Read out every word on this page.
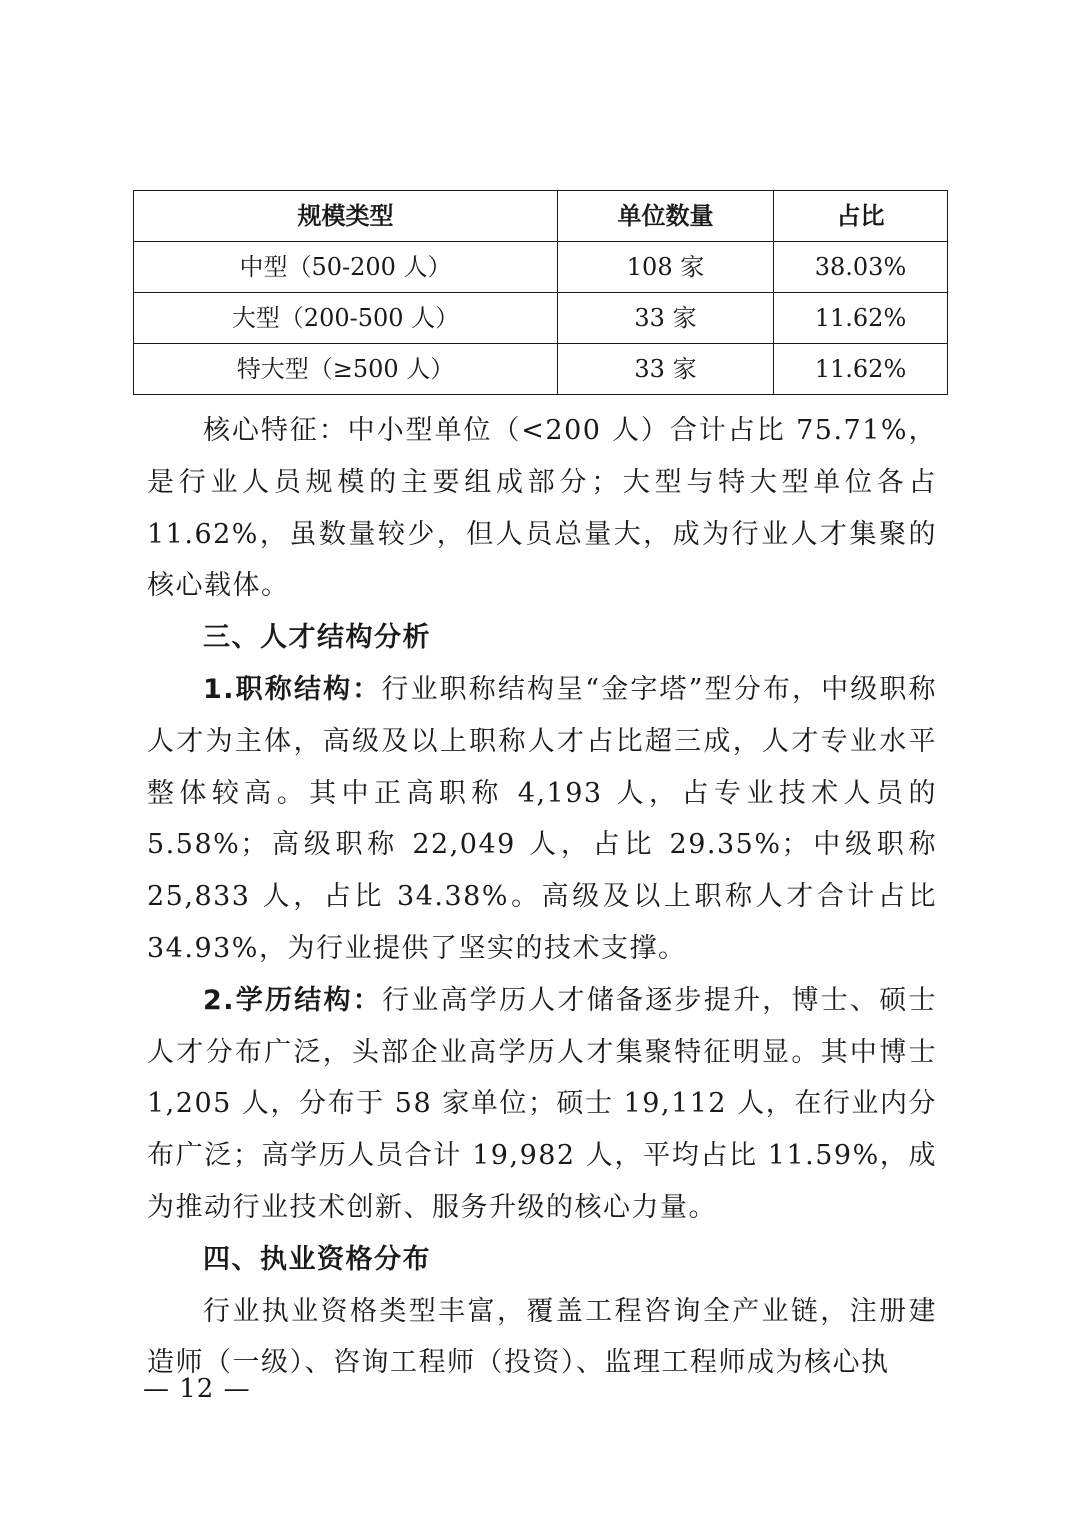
规模类型	单位数量	占比
中型（50-200 人）	108 家	38.03%
大型（200-500 人）	33 家	11.62%
特大型（≥500 人）	33 家	11.62%

核心特征：中小型单位（<200 人）合计占比 75.71%，是行业人员规模的主要组成部分；大型与特大型单位各占 11.62%，虽数量较少，但人员总量大，成为行业人才集聚的核心载体。

三、人才结构分析

1.职称结构：行业职称结构呈“金字塔”型分布，中级职称人才为主体，高级及以上职称人才占比超三成，人才专业水平整体较高。其中正高职称 4,193 人，占专业技术人员的 5.58%；高级职称 22,049 人，占比 29.35%；中级职称 25,833 人，占比 34.38%。高级及以上职称人才合计占比 34.93%，为行业提供了坚实的技术支撑。

2.学历结构：行业高学历人才储备逐步提升，博士、硕士人才分布广泛，头部企业高学历人才集聚特征明显。其中博士 1,205 人，分布于 58 家单位；硕士 19,112 人，在行业内分布广泛；高学历人员合计 19,982 人，平均占比 11.59%，成为推动行业技术创新、服务升级的核心力量。

四、执业资格分布

行业执业资格类型丰富，覆盖工程咨询全产业链，注册建造师（一级）、咨询工程师（投资）、监理工程师成为核心执

— 12 —
